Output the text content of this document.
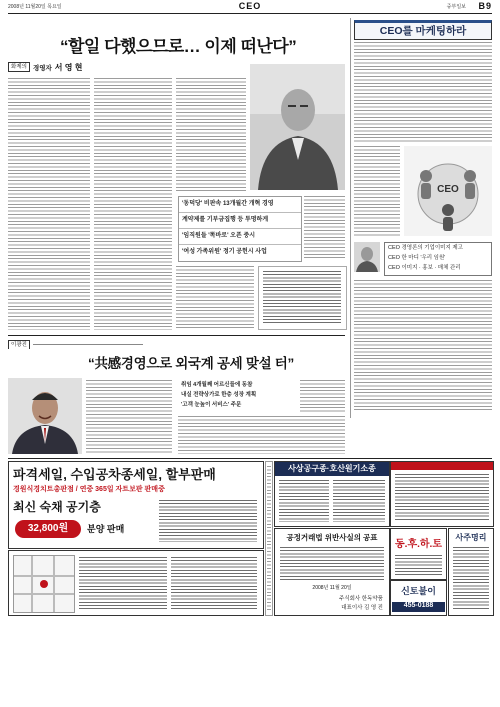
2008년 11월20일 목요일	CEO	중부일보	B9
“할일 다했으므로… 이제 떠난다”
화제의 경영자 서 영 현
'동덕당' 비판속 13개월간 개혁 경영
계약제를 기부금집행 등 투명하게
'임직원들 '똑바로' 오픈 중시
'여성 가족위원' 정기 공헌시 사업
CEO를 마케팅하라
CEO
CEO 경영론의 기업이미지 제고
CEO 한 마디 '우리 임원'
CEO 이미지 · 홍보 · 매체 관리
이광진
“共感경영으로 외국계 공세 맞설 터”
취임 4개월째 어르신들에 동참
내실 전략상가로 한층 성장 계획
'고객 눈높이 서비스' 주문
파격세일, 수입공차종세일, 할부판매
경원식경치트총판점 / 연중 365일 자트보판 판매중
최신 숙채 공기층
32,800원	분양 판매
사상공구종·호산원기소종
공정거래법 위반사실의 공표
2008년 11월 20일
주식회사 한독약품
대표이사 김 영 진
동.후.하.토
신토불이
455-0188
사주명리
